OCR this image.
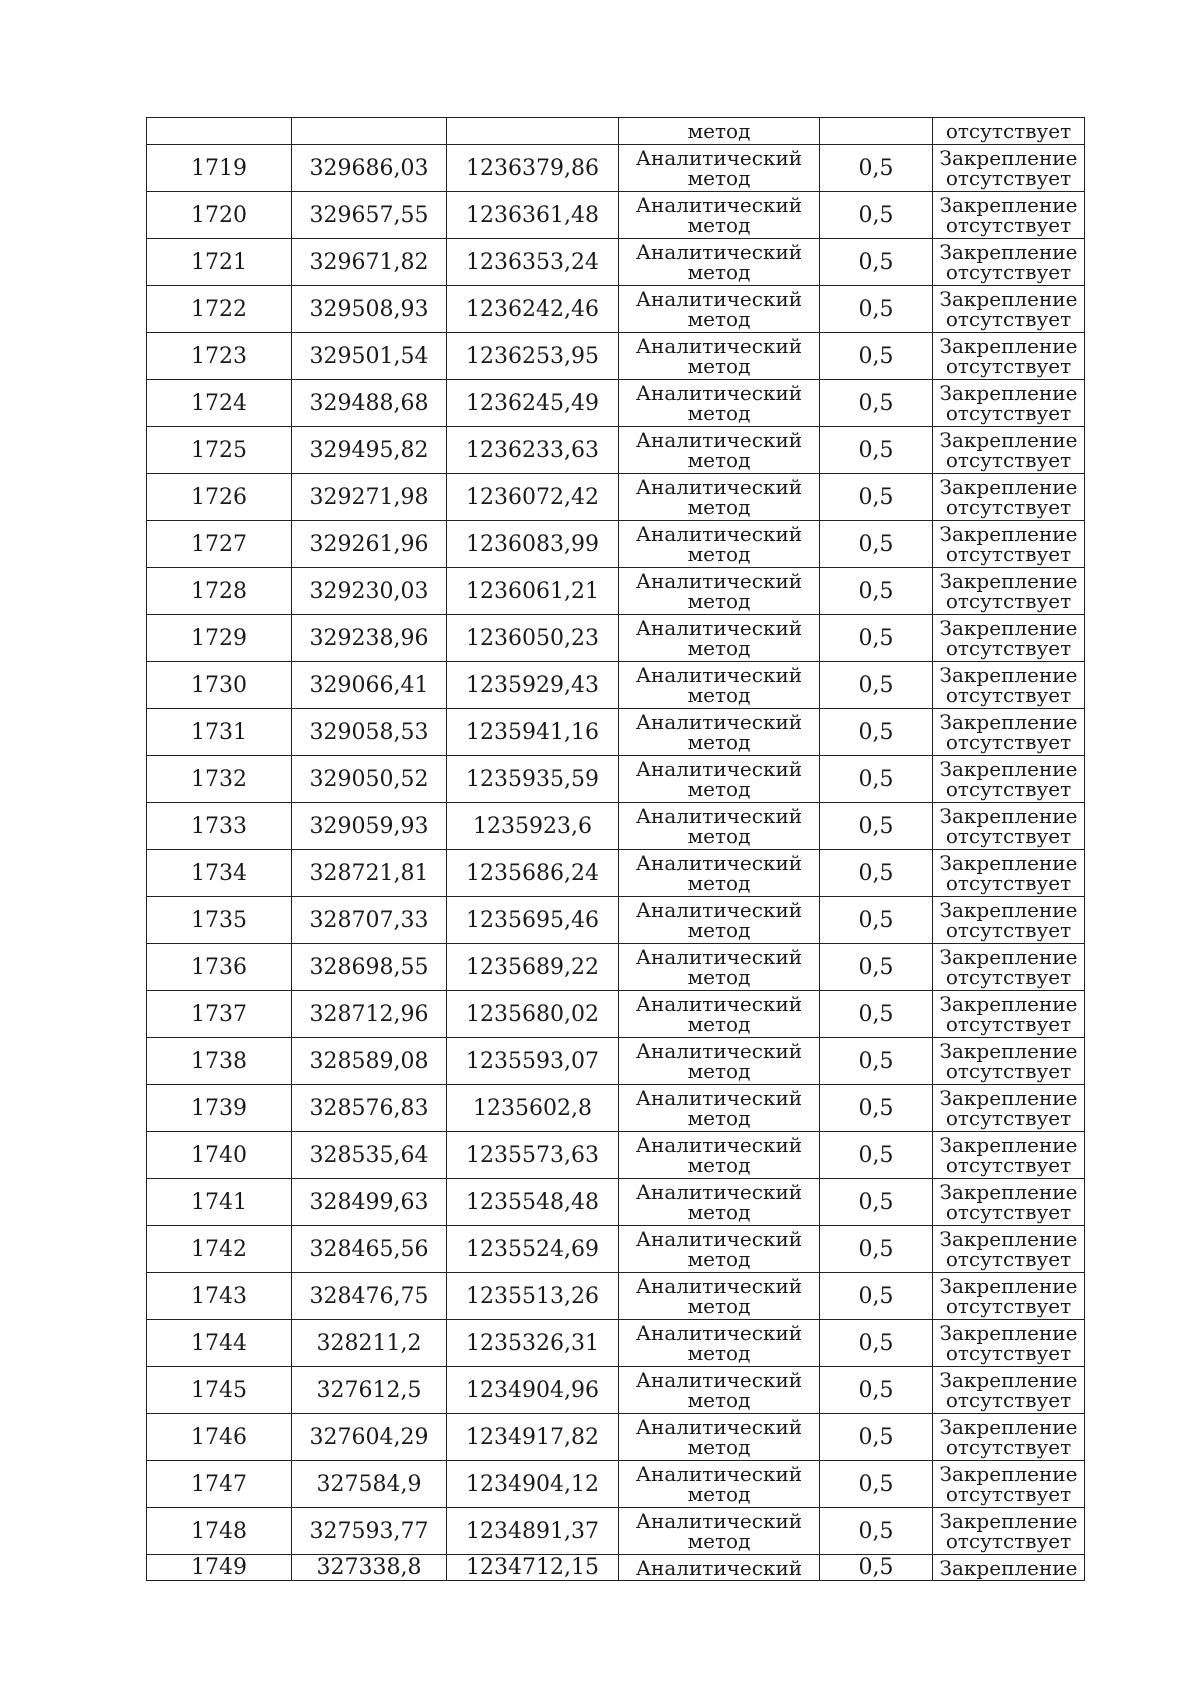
			метод		отсутствует
1719	329686,03	1236379,86	Аналитический
метод	0,5	Закрепление
отсутствует

1720	329657,55	1236361,48	Аналитический
метод	0,5	Закрепление
отсутствует

1721	329671,82	1236353,24	Аналитический
метод	0,5	Закрепление
отсутствует

1722	329508,93	1236242,46	Аналитический
метод	0,5	Закрепление
отсутствует

1723	329501,54	1236253,95	Аналитический
метод	0,5	Закрепление
отсутствует

1724	329488,68	1236245,49	Аналитический
метод	0,5	Закрепление
отсутствует

1725	329495,82	1236233,63	Аналитический
метод	0,5	Закрепление
отсутствует

1726	329271,98	1236072,42	Аналитический
метод	0,5	Закрепление
отсутствует

1727	329261,96	1236083,99	Аналитический
метод	0,5	Закрепление
отсутствует

1728	329230,03	1236061,21	Аналитический
метод	0,5	Закрепление
отсутствует

1729	329238,96	1236050,23	Аналитический
метод	0,5	Закрепление
отсутствует

1730	329066,41	1235929,43	Аналитический
метод	0,5	Закрепление
отсутствует

1731	329058,53	1235941,16	Аналитический
метод	0,5	Закрепление
отсутствует

1732	329050,52	1235935,59	Аналитический
метод	0,5	Закрепление
отсутствует

1733	329059,93	1235923,6	Аналитический
метод	0,5	Закрепление
отсутствует

1734	328721,81	1235686,24	Аналитический
метод	0,5	Закрепление
отсутствует

1735	328707,33	1235695,46	Аналитический
метод	0,5	Закрепление
отсутствует

1736	328698,55	1235689,22	Аналитический
метод	0,5	Закрепление
отсутствует

1737	328712,96	1235680,02	Аналитический
метод	0,5	Закрепление
отсутствует

1738	328589,08	1235593,07	Аналитический
метод	0,5	Закрепление
отсутствует

1739	328576,83	1235602,8	Аналитический
метод	0,5	Закрепление
отсутствует

1740	328535,64	1235573,63	Аналитический
метод	0,5	Закрепление
отсутствует

1741	328499,63	1235548,48	Аналитический
метод	0,5	Закрепление
отсутствует

1742	328465,56	1235524,69	Аналитический
метод	0,5	Закрепление
отсутствует

1743	328476,75	1235513,26	Аналитический
метод	0,5	Закрепление
отсутствует

1744	328211,2	1235326,31	Аналитический
метод	0,5	Закрепление
отсутствует

1745	327612,5	1234904,96	Аналитический
метод	0,5	Закрепление
отсутствует

1746	327604,29	1234917,82	Аналитический
метод	0,5	Закрепление
отсутствует

1747	327584,9	1234904,12	Аналитический
метод	0,5	Закрепление
отсутствует

1748	327593,77	1234891,37	Аналитический
метод	0,5	Закрепление
отсутствует

1749	327338,8	1234712,15	Аналитический	0,5	Закрепление
